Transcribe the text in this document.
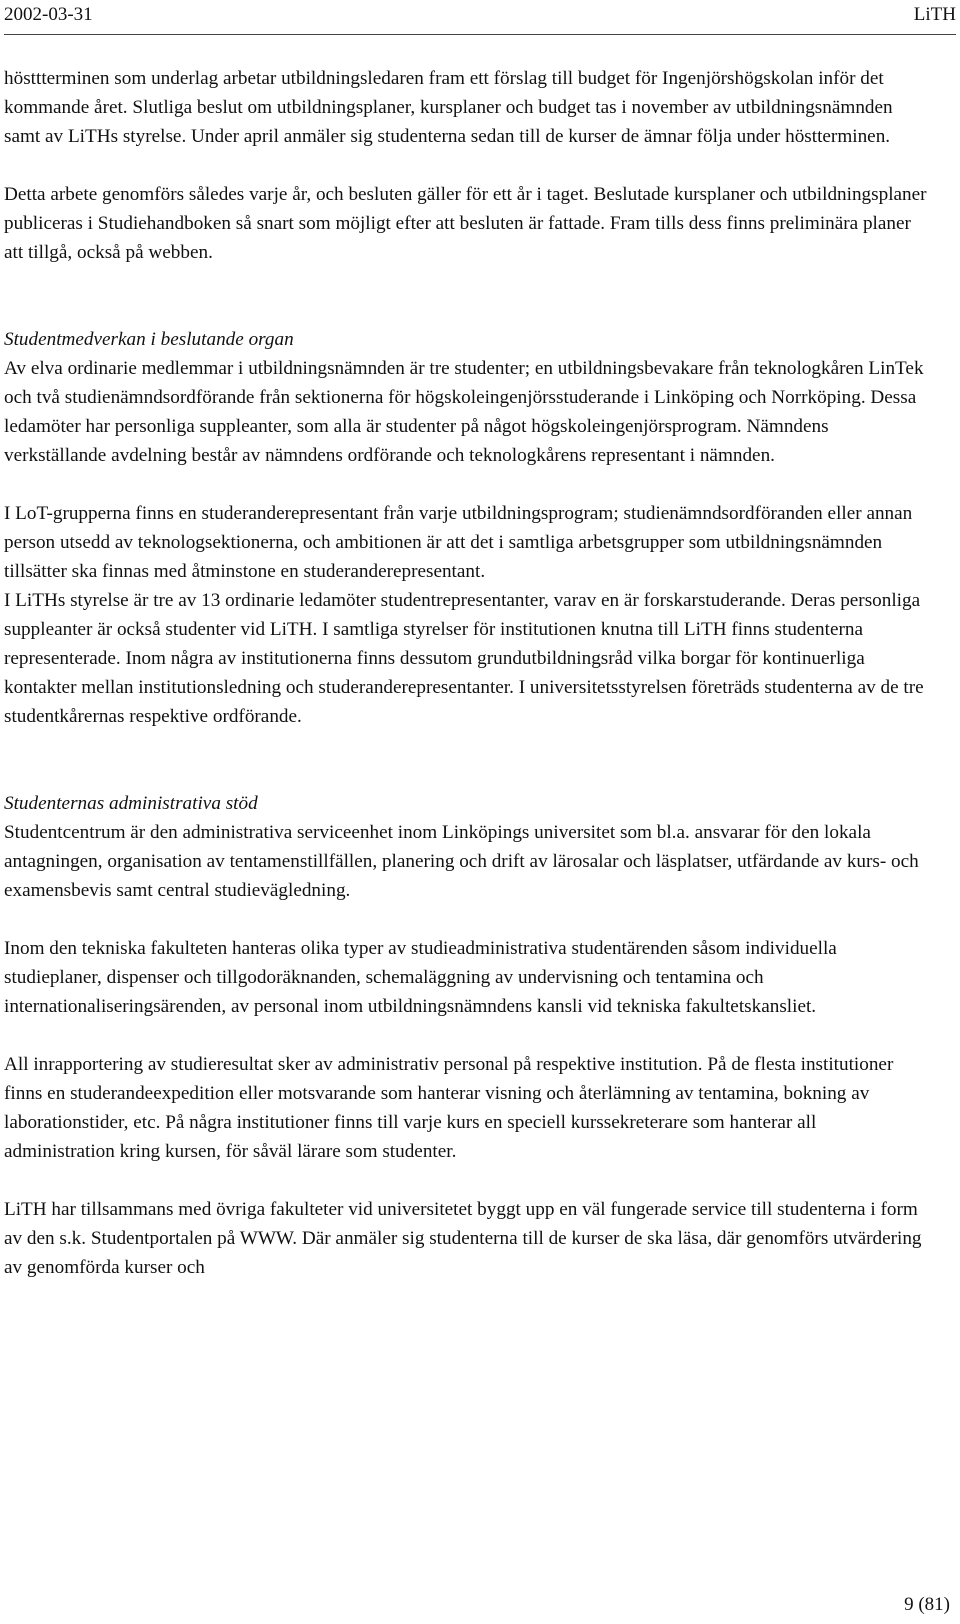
2002-03-31	LiTH

hösttterminen som underlag arbetar utbildningsledaren fram ett förslag till budget för Ingenjörshögskolan inför det kommande året. Slutliga beslut om utbildningsplaner, kursplaner och budget tas i november av utbildningsnämnden samt av LiTHs styrelse. Under april anmäler sig studenterna sedan till de kurser de ämnar följa under höstterminen.

Detta arbete genomförs således varje år, och besluten gäller för ett år i taget. Beslutade kursplaner och utbildningsplaner publiceras i Studiehandboken så snart som möjligt efter att besluten är fattade. Fram tills dess finns preliminära planer att tillgå, också på webben.

Studentmedverkan i beslutande organ

Av elva ordinarie medlemmar i utbildningsnämnden är tre studenter; en utbildningsbevakare från teknologkåren LinTek och två studienämndsordförande från sektionerna för högskoleingenjörsstuderande i Linköping och Norrköping. Dessa ledamöter har personliga suppleanter, som alla är studenter på något högskoleingenjörsprogram. Nämndens verkställande avdelning består av nämndens ordförande och teknologkårens representant i nämnden.

I LoT-grupperna finns en studeranderepresentant från varje utbildningsprogram; studienämndsordföranden eller annan person utsedd av teknologsektionerna, och ambitionen är att det i samtliga arbetsgrupper som utbildningsnämnden tillsätter ska finnas med åtminstone en studeranderepresentant.

I LiTHs styrelse är tre av 13 ordinarie ledamöter studentrepresentanter, varav en är forskarstuderande. Deras personliga suppleanter är också studenter vid LiTH. I samtliga styrelser för institutionen knutna till LiTH finns studenterna representerade. Inom några av institutionerna finns dessutom grundutbildningsråd vilka borgar för kontinuerliga kontakter mellan institutionsledning och studeranderepresentanter. I universitetsstyrelsen företräds studenterna av de tre studentkårernas respektive ordförande.

Studenternas administrativa stöd

Studentcentrum är den administrativa serviceenhet inom Linköpings universitet som bl.a. ansvarar för den lokala antagningen, organisation av tentamenstillfällen, planering och drift av lärosalar och läsplatser, utfärdande av kurs- och examensbevis samt central studievägledning.

Inom den tekniska fakulteten hanteras olika typer av studieadministrativa studentärenden såsom individuella studieplaner, dispenser och tillgodoräknanden, schemaläggning av undervisning och tentamina och internationaliseringsärenden, av personal inom utbildningsnämndens kansli vid tekniska fakultetskansliet.

All inrapportering av studieresultat sker av administrativ personal på respektive institution. På de flesta institutioner finns en studerandeexpedition eller motsvarande som hanterar visning och återlämning av tentamina, bokning av laborationstider, etc. På några institutioner finns till varje kurs en speciell kurssekreterare som hanterar all administration kring kursen, för såväl lärare som studenter.

LiTH har tillsammans med övriga fakulteter vid universitetet byggt upp en väl fungerade service till studenterna i form av den s.k. Studentportalen på WWW. Där anmäler sig studenterna till de kurser de ska läsa, där genomförs utvärdering av genomförda kurser och

9 (81)
